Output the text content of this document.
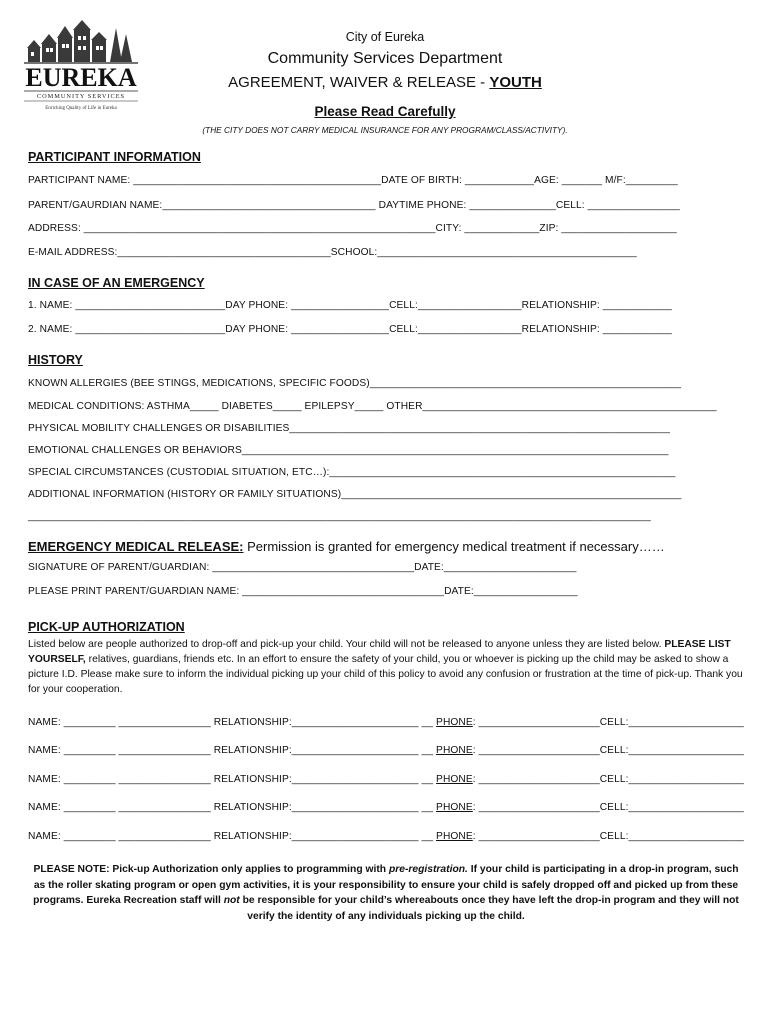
EUREKA
COMMUNITY SERVICES
Enriching Quality of Life in Eureka
City of Eureka
Community Services Department
AGREEMENT, WAIVER & RELEASE - YOUTH
Please Read Carefully
(THE CITY DOES NOT CARRY MEDICAL INSURANCE FOR ANY PROGRAM/CLASS/ACTIVITY).
PARTICIPANT INFORMATION
PARTICIPANT NAME: ___________________________________________DATE OF BIRTH: ____________AGE: _______ M/F:_________
PARENT/GAURDIAN NAME:_____________________________________ DAYTIME PHONE: _______________CELL: ________________
ADDRESS: _____________________________________________________________CITY: _____________ZIP: ____________________
E-MAIL ADDRESS:_____________________________________SCHOOL:_____________________________________________
IN CASE OF AN EMERGENCY
1. NAME: __________________________DAY PHONE: _________________CELL:__________________RELATIONSHIP: ____________
2. NAME: __________________________DAY PHONE: _________________CELL:__________________RELATIONSHIP: ____________
HISTORY
KNOWN ALLERGIES (BEE STINGS, MEDICATIONS, SPECIFIC FOODS)______________________________________________________
MEDICAL CONDITIONS: ASTHMA_____ DIABETES_____ EPILEPSY_____ OTHER___________________________________________________
PHYSICAL MOBILITY CHALLENGES OR DISABILITIES__________________________________________________________________
EMOTIONAL CHALLENGES OR BEHAVIORS__________________________________________________________________________
SPECIAL CIRCUMSTANCES (CUSTODIAL SITUATION, ETC…):____________________________________________________________
ADDITIONAL INFORMATION (HISTORY OR FAMILY SITUATIONS)___________________________________________________________
____________________________________________________________________________________________________________
EMERGENCY MEDICAL RELEASE: Permission is granted for emergency medical treatment if necessary……
SIGNATURE OF PARENT/GUARDIAN: ___________________________________DATE:_______________________
PLEASE PRINT PARENT/GUARDIAN NAME: ___________________________________DATE:__________________
PICK-UP AUTHORIZATION
Listed below are people authorized to drop-off and pick-up your child. Your child will not be released to anyone unless they are listed below. PLEASE LIST YOURSELF, relatives, guardians, friends etc. In an effort to ensure the safety of your child, you or whoever is picking up the child may be asked to show a picture I.D. Please make sure to inform the individual picking up your child of this policy to avoid any confusion or frustration at the time of pick-up. Thank you for your cooperation.
NAME: _________ ________________ RELATIONSHIP:______________________ __ PHONE: _____________________CELL:____________________
NAME: _________ ________________ RELATIONSHIP:______________________ __ PHONE: _____________________CELL:____________________
NAME: _________ ________________ RELATIONSHIP:______________________ __ PHONE: _____________________CELL:____________________
NAME: _________ ________________ RELATIONSHIP:______________________ __ PHONE: _____________________CELL:____________________
NAME: _________ ________________ RELATIONSHIP:______________________ __ PHONE: _____________________CELL:____________________
PLEASE NOTE: Pick-up Authorization only applies to programming with pre-registration. If your child is participating in a drop-in program, such as the roller skating program or open gym activities, it is your responsibility to ensure your child is safely dropped off and picked up from these programs. Eureka Recreation staff will not be responsible for your child’s whereabouts once they have left the drop-in program and they will not verify the identity of any individuals picking up the child.
